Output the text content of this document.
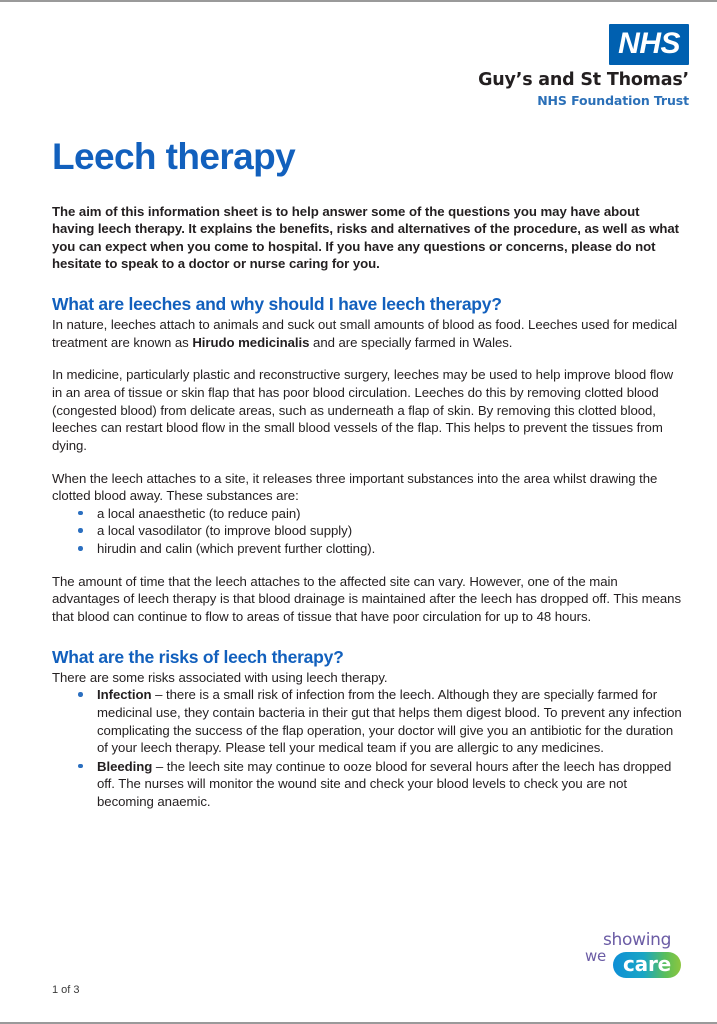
NHS
Guy’s and St Thomas’
NHS Foundation Trust
Leech therapy

The aim of this information sheet is to help answer some of the questions you may have about having leech therapy. It explains the benefits, risks and alternatives of the procedure, as well as what you can expect when you come to hospital. If you have any questions or concerns, please do not hesitate to speak to a doctor or nurse caring for you.

What are leeches and why should I have leech therapy?

In nature, leeches attach to animals and suck out small amounts of blood as food. Leeches used for medical treatment are known as Hirudo medicinalis and are specially farmed in Wales.

In medicine, particularly plastic and reconstructive surgery, leeches may be used to help improve blood flow in an area of tissue or skin flap that has poor blood circulation. Leeches do this by removing clotted blood (congested blood) from delicate areas, such as underneath a flap of skin. By removing this clotted blood, leeches can restart blood flow in the small blood vessels of the flap. This helps to prevent the tissues from dying.

When the leech attaches to a site, it releases three important substances into the area whilst drawing the clotted blood away. These substances are:

a local anaesthetic (to reduce pain)
a local vasodilator (to improve blood supply)
hirudin and calin (which prevent further clotting).

The amount of time that the leech attaches to the affected site can vary. However, one of the main advantages of leech therapy is that blood drainage is maintained after the leech has dropped off. This means that blood can continue to flow to areas of tissue that have poor circulation for up to 48 hours.

What are the risks of leech therapy?

There are some risks associated with using leech therapy.

Infection – there is a small risk of infection from the leech. Although they are specially farmed for medicinal use, they contain bacteria in their gut that helps them digest blood. To prevent any infection complicating the success of the flap operation, your doctor will give you an antibiotic for the duration of your leech therapy. Please tell your medical team if you are allergic to any medicines.
Bleeding – the leech site may continue to ooze blood for several hours after the leech has dropped off. The nurses will monitor the wound site and check your blood levels to check you are not becoming anaemic.
1 of 3
showing
we care
